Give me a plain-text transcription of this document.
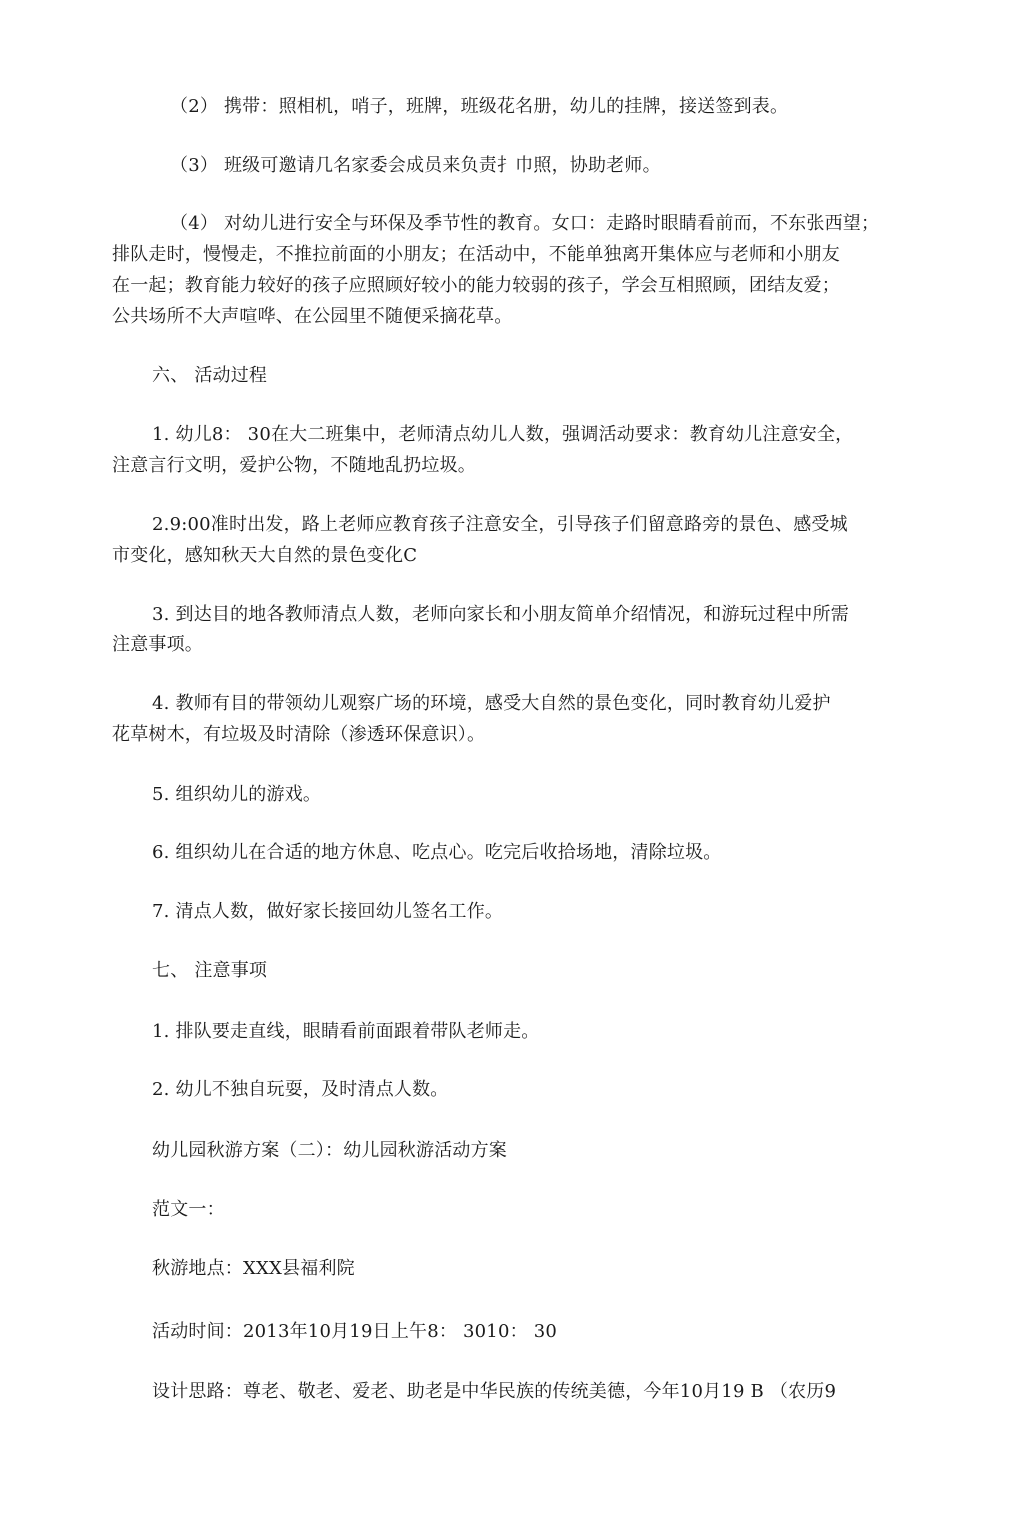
（2） 携带：照相机，哨子，班牌，班级花名册，幼儿的挂牌，接送签到表。
（3） 班级可邀请几名家委会成员来负责扌巾照，协助老师。
（4） 对幼儿进行安全与环保及季节性的教育。女口：走路时眼睛看前而，不东张西望；
排队走时，慢慢走，不推拉前面的小朋友；在活动中，不能单独离开集体应与老师和小朋友
在一起；教育能力较好的孩子应照顾好较小的能力较弱的孩子，学会互相照顾，团结友爱；
公共场所不大声喧哗、在公园里不随便采摘花草。
六、 活动过程
1. 幼儿8： 30在大二班集中，老师清点幼儿人数，强调活动要求：教育幼儿注意安全，
注意言行文明，爱护公物，不随地乱扔垃圾。
2.9:00准时出发，路上老师应教育孩子注意安全，引导孩子们留意路旁的景色、感受城
市变化，感知秋天大自然的景色变化C
3. 到达目的地各教师清点人数，老师向家长和小朋友简单介绍情况，和游玩过程中所需
注意事项。
4. 教师有目的带领幼儿观察广场的环境，感受大自然的景色变化，同时教育幼儿爱护
花草树木，有垃圾及时清除（渗透环保意识）。
5. 组织幼儿的游戏。
6. 组织幼儿在合适的地方休息、吃点心。吃完后收拾场地，清除垃圾。
7. 清点人数，做好家长接回幼儿签名工作。
七、 注意事项
1. 排队要走直线，眼睛看前面跟着带队老师走。
2. 幼儿不独自玩耍，及时清点人数。
幼儿园秋游方案（二）：幼儿园秋游活动方案
范文一：
秋游地点：XXX县福利院
活动时间：2013年10月19日上午8： 3010： 30
设计思路：尊老、敬老、爱老、助老是中华民族的传统美德，今年10月19 B （农历9
